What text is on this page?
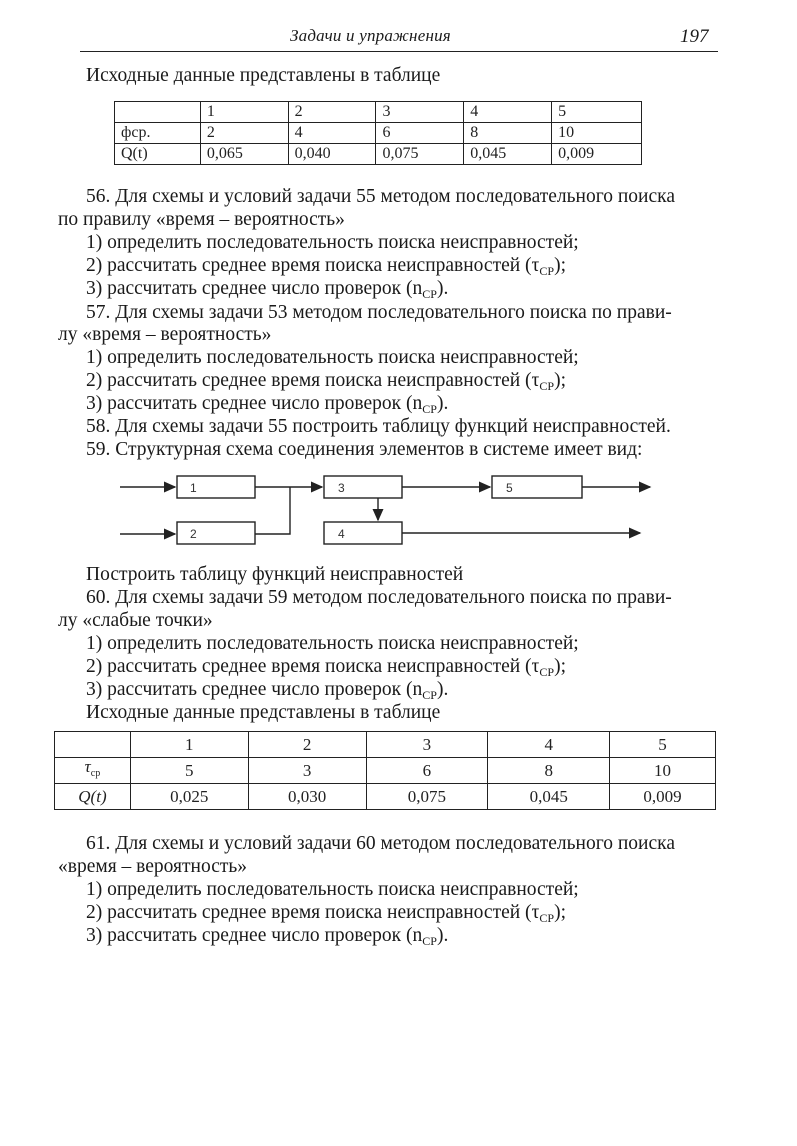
Задачи и упражнения	197
Исходные данные представлены в таблице
	1	2	3	4	5
фср.	2	4	6	8	10
Q(t)	0,065	0,040	0,075	0,045	0,009
56. Для схемы и условий задачи 55 методом последовательного поиска
по правилу «время – вероятность»
1) определить последовательность поиска неисправностей;
2) рассчитать среднее время поиска неисправностей $(\tau_{CP})$;
3) рассчитать среднее число проверок $(n_{CP})$.
57. Для схемы задачи 53 методом последовательного поиска по прави-
лу «время – вероятность»
1) определить последовательность поиска неисправностей;
2) рассчитать среднее время поиска неисправностей $(\tau_{CP})$;
3) рассчитать среднее число проверок $(n_{CP})$.
58. Для схемы задачи 55 построить таблицу функций неисправностей.
59. Структурная схема соединения элементов в системе имеет вид:
1
2
3
4
5
Построить таблицу функций неисправностей
60. Для схемы задачи 59 методом последовательного поиска по прави-
лу «слабые точки»
1) определить последовательность поиска неисправностей;
2) рассчитать среднее время поиска неисправностей $(\tau_{CP})$;
3) рассчитать среднее число проверок $(n_{CP})$.
Исходные данные представлены в таблице
	1	2	3	4	5
$\tau_{cp}$	5	3	6	8	10
Q(t)	0,025	0,030	0,075	0,045	0,009
61. Для схемы и условий задачи 60 методом последовательного поиска
«время – вероятность»
1) определить последовательность поиска неисправностей;
2) рассчитать среднее время поиска неисправностей $(\tau_{CP})$;
3) рассчитать среднее число проверок $(n_{CP})$.
